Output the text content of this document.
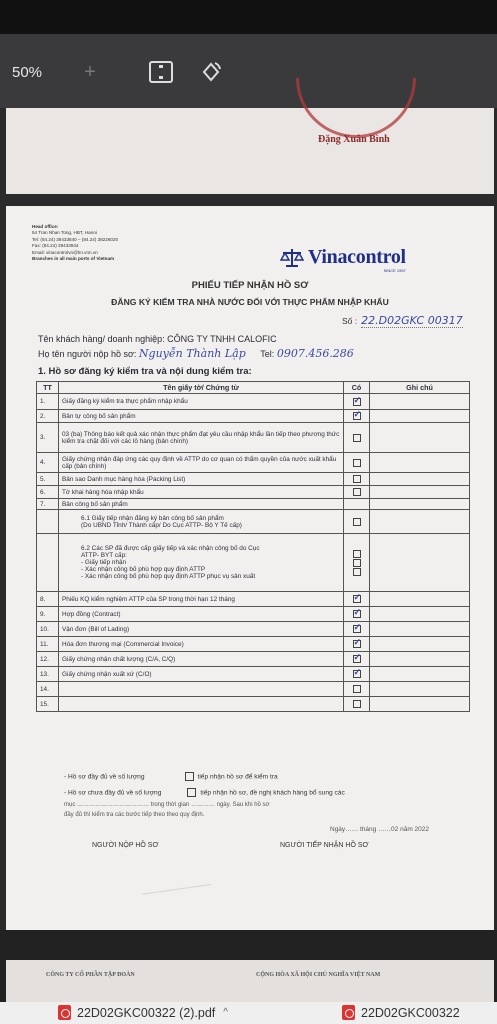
50%	+
Đặng Xuân Bình
Head office:
54 Tran Nhan Tong, HBT, Hanoi
Tel: (84.24) 39433840 – (84.24) 38226020
Fax: (84.24) 39433844
Email: vinacontrolvn@hn.vnn.vn
Branches in all main ports of Vietnam	Vinacontrol
SINCE 1957
PHIẾU TIẾP NHẬN HỒ SƠ
ĐĂNG KÝ KIỂM TRA NHÀ NƯỚC ĐỐI VỚI THỰC PHẨM NHẬP KHẨU
Số : 22.D02GKC 00317
Tên khách hàng/ doanh nghiệp: CÔNG TY TNHH CALOFIC
Họ tên người nộp hồ sơ: Nguyễn Thành Lập Tel: 0907.456.286
1. Hồ sơ đăng ký kiểm tra và nội dung kiểm tra:
TT	Tên giấy tờ/ Chứng từ	Có	Ghi chú
1.	Giấy đăng ký kiểm tra thực phẩm nhập khẩu	✓	
2.	Bản tự công bố sản phẩm	✓	
3.	03 (ba) Thông báo kết quả xác nhận thực phẩm đạt yêu cầu nhập khẩu lần tiếp theo phương thức kiểm tra chặt đối với các lô hàng (bản chính)		
4.	Giấy chứng nhận đáp ứng các quy định về ATTP do cơ quan có thẩm quyền của nước xuất khẩu cấp (bản chính)		
5.	Bản sao Danh mục hàng hóa (Packing List)		
6.	Tờ khai hàng hóa nhập khẩu		
7.	Bản công bố sản phẩm		

	6.1 Giấy tiếp nhận đăng ký bản công bố sản phẩm
(Do UBND Tỉnh/ Thành cấp/ Do Cục ATTP- Bộ Y Tế cấp)		

	6.2 Các SP đã được cấp giấy tiếp và xác nhận công bố do Cục
ATTP- BYT cấp:
- Giấy tiếp nhận
- Xác nhận công bố phù hợp quy định ATTP
- Xác nhận công bố phù hợp quy định ATTP phục vụ sản xuất		

8.	Phiếu KQ kiểm nghiệm ATTP của SP trong thời hạn 12 tháng	✓	
9.	Hợp đồng (Contract)	✓	
10.	Vận đơn (Bill of Lading)	✓	
11.	Hóa đơn thương mại (Commercial Invoice)	✓	
12.	Giấy chứng nhận chất lượng (C/A, C/Q)	✓	
13.	Giấy chứng nhận xuất xứ (C/O)	✓	
14.			
15.			
- Hồ sơ đầy đủ về số lượng	tiếp nhận hồ sơ để kiểm tra
- Hồ sơ chưa đầy đủ về số lượng	tiếp nhận hồ sơ, đề nghị khách hàng bổ sung các
mục ……………………………… trong thời gian ………… ngày. Sau khi hồ sơ
đầy đủ thì kiểm tra các bước tiếp theo theo quy định.
Ngày…… tháng ……02 năm 2022
NGƯỜI NỘP HỒ SƠ	NGƯỜI TIẾP NHẬN HỒ SƠ
CÔNG TY CỔ PHẦN TẬP ĐOÀN	CỘNG HÒA XÃ HỘI CHỦ NGHĨA VIỆT NAM
22D02GKC00322 (2).pdf ^	22D02GKC00322
